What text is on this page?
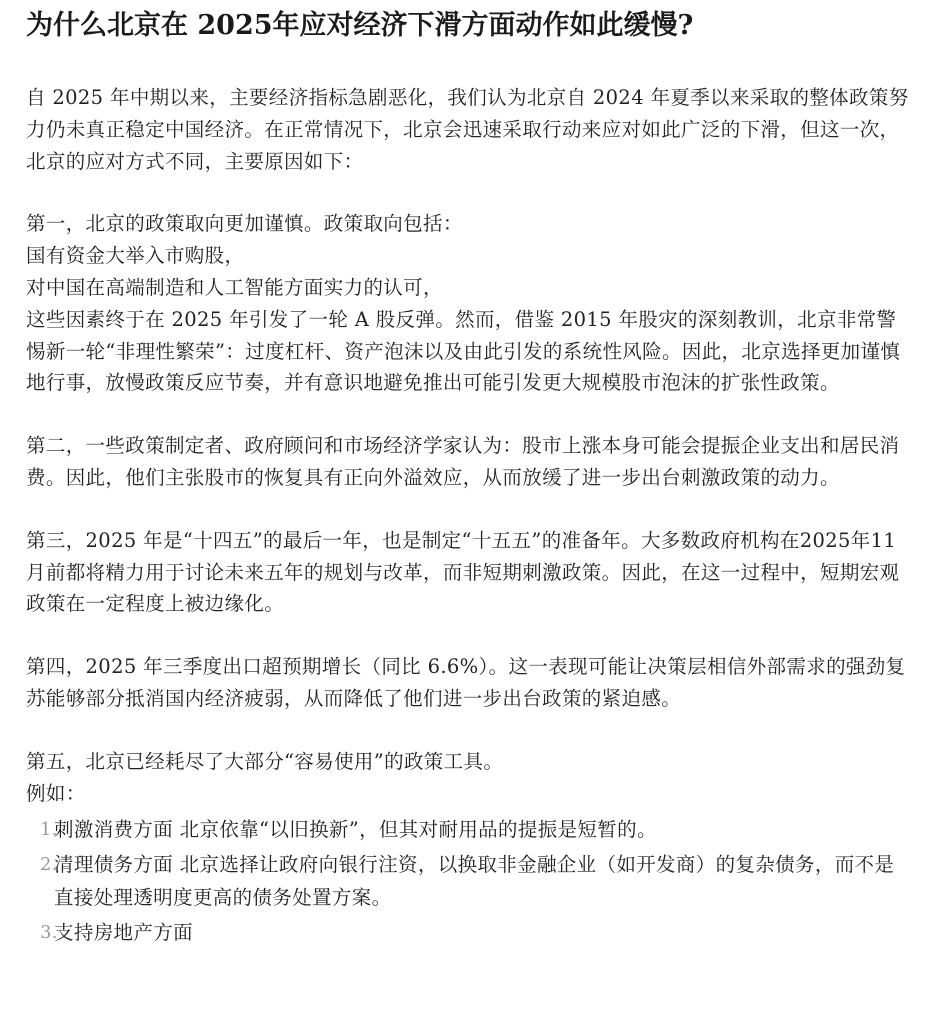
为什么北京在 2025年应对经济下滑方面动作如此缓慢?

自 2025 年中期以来，主要经济指标急剧恶化，我们认为北京自 2024 年夏季以来采取的整体政策努力仍未真正稳定中国经济。在正常情况下，北京会迅速采取行动来应对如此广泛的下滑，但这一次，北京的应对方式不同，主要原因如下：

第一，北京的政策取向更加谨慎。政策取向包括：

国有资金大举入市购股，

对中国在高端制造和人工智能方面实力的认可，

这些因素终于在 2025 年引发了一轮 A 股反弹。然而，借鉴 2015 年股灾的深刻教训，北京非常警惕新一轮“非理性繁荣”：过度杠杆、资产泡沫以及由此引发的系统性风险。因此，北京选择更加谨慎地行事，放慢政策反应节奏，并有意识地避免推出可能引发更大规模股市泡沫的扩张性政策。

第二，一些政策制定者、政府顾问和市场经济学家认为：股市上涨本身可能会提振企业支出和居民消费。因此，他们主张股市的恢复具有正向外溢效应，从而放缓了进一步出台刺激政策的动力。

第三，2025 年是“十四五”的最后一年，也是制定“十五五”的准备年。大多数政府机构在2025年11月前都将精力用于讨论未来五年的规划与改革，而非短期刺激政策。因此，在这一过程中，短期宏观政策在一定程度上被边缘化。

第四，2025 年三季度出口超预期增长（同比 6.6%）。这一表现可能让决策层相信外部需求的强劲复苏能够部分抵消国内经济疲弱，从而降低了他们进一步出台政策的紧迫感。

第五，北京已经耗尽了大部分“容易使用”的政策工具。

例如：

1.
刺激消费方面 北京依靠“以旧换新”，但其对耐用品的提振是短暂的。
2.
清理债务方面 北京选择让政府向银行注资，以换取非金融企业（如开发商）的复杂债务，而不是直接处理透明度更高的债务处置方案。
3.
支持房地产方面
